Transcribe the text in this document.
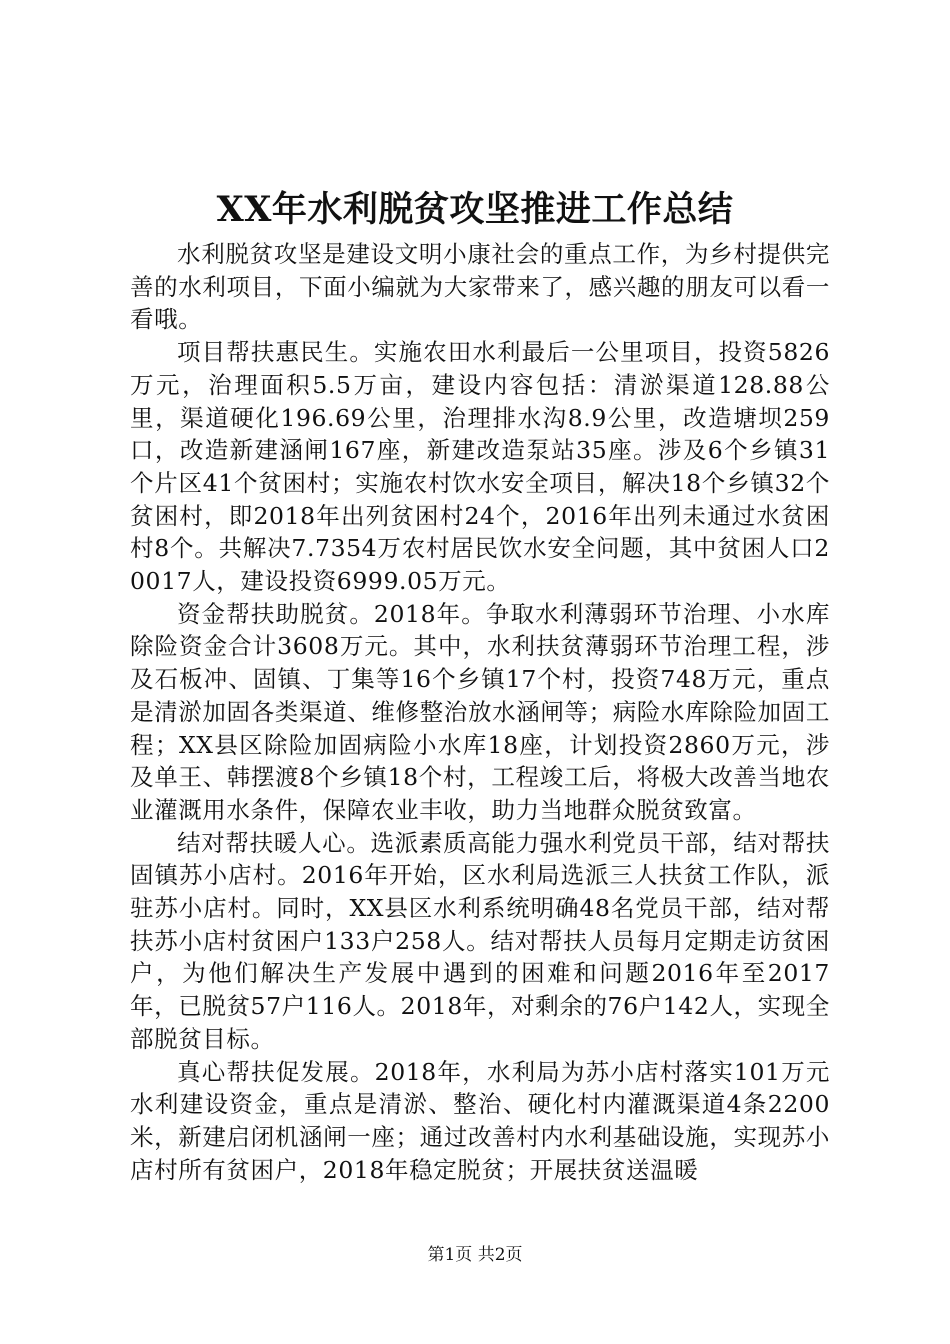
XX年水利脱贫攻坚推进工作总结

水利脱贫攻坚是建设文明小康社会的重点工作，为乡村提供完善的水利项目，下面小编就为大家带来了，感兴趣的朋友可以看一看哦。

项目帮扶惠民生。实施农田水利最后一公里项目，投资5826万元，治理面积5.5万亩，建设内容包括：清淤渠道128.88公里，渠道硬化196.69公里，治理排水沟8.9公里，改造塘坝259口，改造新建涵闸167座，新建改造泵站35座。涉及6个乡镇31个片区41个贫困村；实施农村饮水安全项目，解决18个乡镇32个贫困村，即2018年出列贫困村24个，2016年出列未通过水贫困村8个。共解决7.7354万农村居民饮水安全问题，其中贫困人口20017人，建设投资6999.05万元。

资金帮扶助脱贫。2018年。争取水利薄弱环节治理、小水库除险资金合计3608万元。其中，水利扶贫薄弱环节治理工程，涉及石板冲、固镇、丁集等16个乡镇17个村，投资748万元，重点是清淤加固各类渠道、维修整治放水涵闸等；病险水库除险加固工程；XX县区除险加固病险小水库18座，计划投资2860万元，涉及单王、韩摆渡8个乡镇18个村，工程竣工后，将极大改善当地农业灌溉用水条件，保障农业丰收，助力当地群众脱贫致富。

结对帮扶暖人心。选派素质高能力强水利党员干部，结对帮扶固镇苏小店村。2016年开始，区水利局选派三人扶贫工作队，派驻苏小店村。同时，XX县区水利系统明确48名党员干部，结对帮扶苏小店村贫困户133户258人。结对帮扶人员每月定期走访贫困户，为他们解决生产发展中遇到的困难和问题2016年至2017年，已脱贫57户116人。2018年，对剩余的76户142人，实现全部脱贫目标。

真心帮扶促发展。2018年，水利局为苏小店村落实101万元水利建设资金，重点是清淤、整治、硬化村内灌溉渠道4条2200米，新建启闭机涵闸一座；通过改善村内水利基础设施，实现苏小店村所有贫困户，2018年稳定脱贫；开展扶贫送温暖

第1页 共2页
